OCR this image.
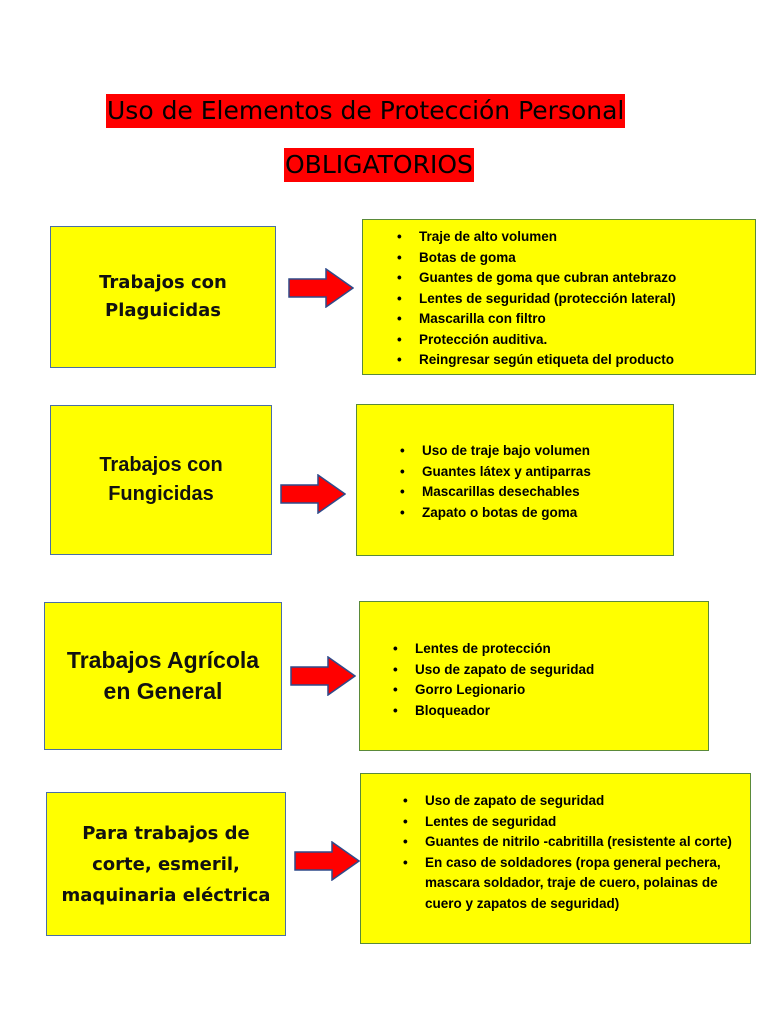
Uso de Elementos de Protección Personal
OBLIGATORIOS
Trabajos con Plaguicidas
• Traje de alto volumen
• Botas de goma
• Guantes de goma que cubran antebrazo
• Lentes de seguridad (protección lateral)
• Mascarilla con filtro
• Protección auditiva.
• Reingresar según etiqueta del producto
Trabajos con Fungicidas
• Uso de traje bajo volumen
• Guantes látex y antiparras
• Mascarillas desechables
• Zapato o botas de goma
Trabajos Agrícola en General
• Lentes de protección
• Uso de zapato de seguridad
• Gorro Legionario
• Bloqueador
Para trabajos de corte, esmeril, maquinaria eléctrica
• Uso de zapato de seguridad
• Lentes de seguridad
• Guantes de nitrilo -cabritilla (resistente al corte)
• En caso de soldadores (ropa general pechera, mascara soldador, traje de cuero, polainas de cuero y zapatos de seguridad)
